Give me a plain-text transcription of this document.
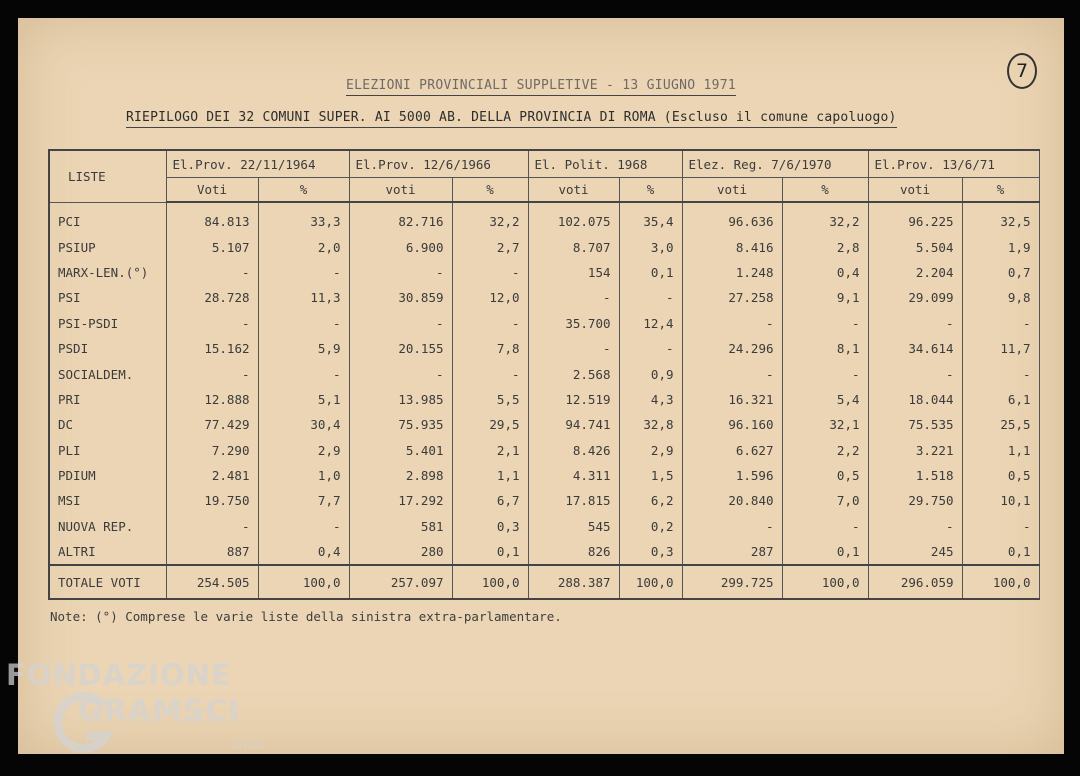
7
ELEZIONI PROVINCIALI SUPPLETIVE - 13 GIUGNO 1971
RIEPILOGO DEI 32 COMUNI SUPER. AI 5000 AB. DELLA PROVINCIA DI ROMA (Escluso il comune capoluogo)
LISTE	El.Prov. 22/11/1964		El.Prov. 12/6/1966		El. Polit. 1968		Elez. Reg. 7/6/1970		El.Prov. 13/6/71	
	Voti	%	voti	%	voti	%	voti	%	voti	%
PCI	84.813	33,3	82.716	32,2	102.075	35,4	96.636	32,2	96.225	32,5
PSIUP	5.107	2,0	6.900	2,7	8.707	3,0	8.416	2,8	5.504	1,9
MARX-LEN.(°)	-	-	-	-	154	0,1	1.248	0,4	2.204	0,7
PSI	28.728	11,3	30.859	12,0	-	-	27.258	9,1	29.099	9,8
PSI-PSDI	-	-	-	-	35.700	12,4	-	-	-	-
PSDI	15.162	5,9	20.155	7,8	-	-	24.296	8,1	34.614	11,7
SOCIALDEM.	-	-	-	-	2.568	0,9	-	-	-	-
PRI	12.888	5,1	13.985	5,5	12.519	4,3	16.321	5,4	18.044	6,1
DC	77.429	30,4	75.935	29,5	94.741	32,8	96.160	32,1	75.535	25,5
PLI	7.290	2,9	5.401	2,1	8.426	2,9	6.627	2,2	3.221	1,1
PDIUM	2.481	1,0	2.898	1,1	4.311	1,5	1.596	0,5	1.518	0,5
MSI	19.750	7,7	17.292	6,7	17.815	6,2	20.840	7,0	29.750	10,1
NUOVA REP.	-	-	581	0,3	545	0,2	-	-	-	-
ALTRI	887	0,4	280	0,1	826	0,3	287	0,1	245	0,1
TOTALE VOTI	254.505	100,0	257.097	100,0	288.387	100,0	299.725	100,0	296.059	100,0
Note: (°) Comprese le varie liste della sinistra extra-parlamentare.
FONDAZIONE
GRAMSCI
onlus
